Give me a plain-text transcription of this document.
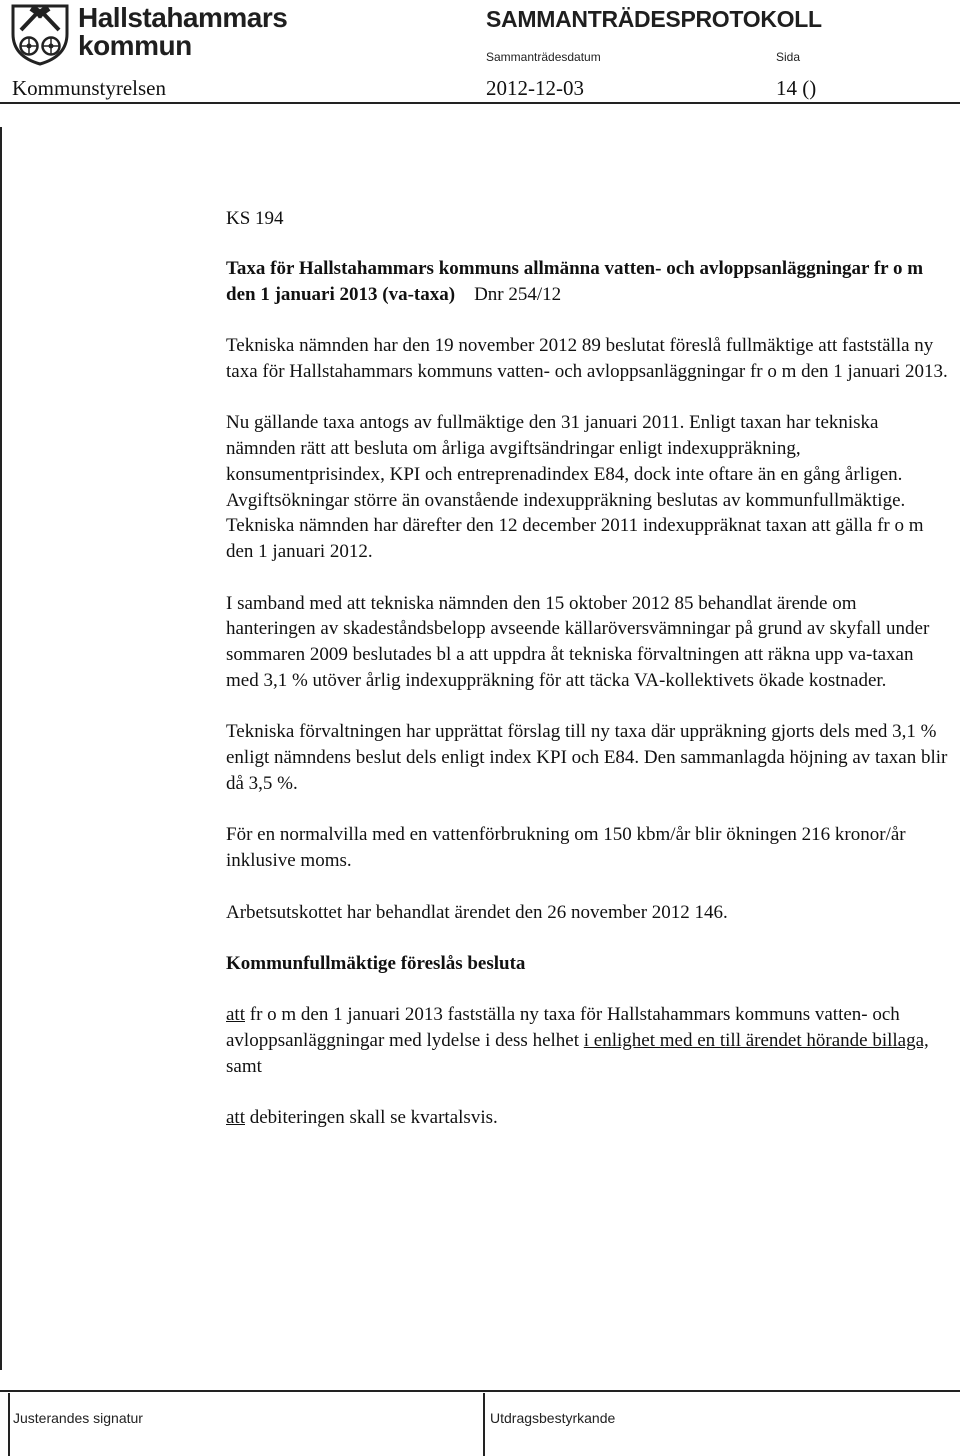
Hallstahammars
kommun
SAMMANTRÄDESPROTOKOLL
Sammanträdesdatum	Sida
Kommunstyrelsen	2012-12-03	14 ()

KS 194

Taxa för Hallstahammars kommuns allmänna vatten- och avloppsanläggningar fr o m den 1 januari 2013 (va-taxa) Dnr 254/12

Tekniska nämnden har den 19 november 2012 89 beslutat föreslå fullmäktige att fastställa ny taxa för Hallstahammars kommuns vatten- och avloppsanläggningar fr o m den 1 januari 2013.

Nu gällande taxa antogs av fullmäktige den 31 januari 2011. Enligt taxan har tekniska nämnden rätt att besluta om årliga avgiftsändringar enligt indexuppräkning, konsumentprisindex, KPI och entreprenadindex E84, dock inte oftare än en gång årligen. Avgiftsökningar större än ovanstående indexuppräkning beslutas av kommunfullmäktige. Tekniska nämnden har därefter den 12 december 2011 indexuppräknat taxan att gälla fr o m den 1 januari 2012.

I samband med att tekniska nämnden den 15 oktober 2012 85 behandlat ärende om hanteringen av skadeståndsbelopp avseende källaröversvämningar på grund av skyfall under sommaren 2009 beslutades bl a att uppdra åt tekniska förvaltningen att räkna upp va-taxan med 3,1 % utöver årlig indexuppräkning för att täcka VA-kollektivets ökade kostnader.

Tekniska förvaltningen har upprättat förslag till ny taxa där uppräkning gjorts dels med 3,1 % enligt nämndens beslut dels enligt index KPI och E84. Den sammanlagda höjning av taxan blir då 3,5 %.

För en normalvilla med en vattenförbrukning om 150 kbm/år blir ökningen 216 kronor/år inklusive moms.

Arbetsutskottet har behandlat ärendet den 26 november 2012 146.

Kommunfullmäktige föreslås besluta

att fr o m den 1 januari 2013 fastställa ny taxa för Hallstahammars kommuns vatten- och avloppsanläggningar med lydelse i dess helhet i enlighet med en till ärendet hörande billaga, samt

att debiteringen skall se kvartalsvis.

Justerandes signatur	Utdragsbestyrkande
